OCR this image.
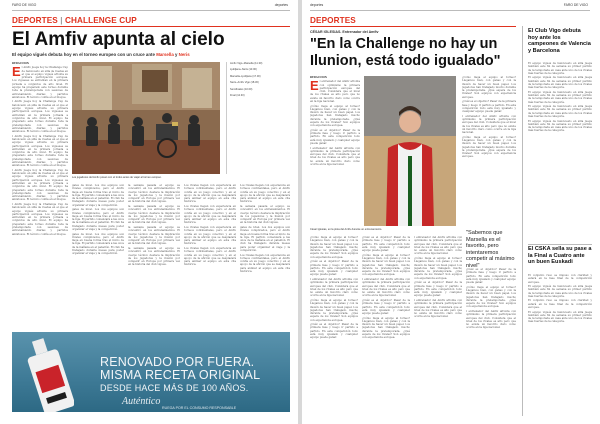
FARO DE VIGO	deportes
DEPORTES | CHALLENGE CUP
El Amfiv apunta al cielo
El equipo vigués debuta hoy en el torneo europeo con un cruce ante Marsella y Neris
REDACCIÓN

El Amfiv juega hoy la Challenge Cup de baloncesto en silla de ruedas en el que el equipo vigués afronta su primera participación europea. Los vigueses se enfrentan en la primera jornada a conjuntos de alto nivel. El equipo ha preparado este torneo durante toda la pretemporada con sesiones de entrenamiento diarias y partidos amistosos. El técnico confía en el bloque.

l Amfiv juega hoy la Challenge Cup de baloncesto en silla de ruedas en el que el equipo vigués afronta su primera participación europea. Los vigueses se enfrentan en la primera jornada a conjuntos de alto nivel. El equipo ha preparado este torneo durante toda la pretemporada con sesiones de entrenamiento diarias y partidos amistosos. El técnico confía en el bloque.

l Amfiv juega hoy la Challenge Cup de baloncesto en silla de ruedas en el que el equipo vigués afronta su primera participación europea. Los vigueses se enfrentan en la primera jornada a conjuntos de alto nivel. El equipo ha preparado este torneo durante toda la pretemporada con sesiones de entrenamiento diarias y partidos amistosos. El técnico confía en el bloque.

l Amfiv juega hoy la Challenge Cup de baloncesto en silla de ruedas en el que el equipo vigués afronta su primera participación europea. Los vigueses se enfrentan en la primera jornada a conjuntos de alto nivel. El equipo ha preparado este torneo durante toda la pretemporada con sesiones de entrenamiento diarias y partidos amistosos. El técnico confía en el bloque.

l Amfiv juega hoy la Challenge Cup de baloncesto en silla de ruedas en el que el equipo vigués afronta su primera participación europea. Los vigueses se enfrentan en la primera jornada a conjuntos de alto nivel. El equipo ha preparado este torneo durante toda la pretemporada con sesiones de entrenamiento diarias y partidos amistosos. El técnico confía en el bloque.

Los jugadores del Amfiv posan con el trofeo antes de viajar al torneo europeo.
Amfiv Vigo–Marsella (11.30)
Ljubljana–Neris (13.00)
Marsella–Ljubljana (17.00)
Neris–Amfiv Vigo (18.30)
Semifinales (10.00)
Final (12.30)

gales de nivel. Los dos equipos son rivales complicados, pero el Amfiv llega en buena forma tras el inicio de la liga. El partido comenzará a las once de la mañana en el pabellón. El club ha trabajado durante meses para poder organizar el viaje y la competición.

gales de nivel. Los dos equipos son rivales complicados, pero el Amfiv llega en buena forma tras el inicio de la liga. El partido comenzará a las once de la mañana en el pabellón. El club ha trabajado durante meses para poder organizar el viaje y la competición.

gales de nivel. Los dos equipos son rivales complicados, pero el Amfiv llega en buena forma tras el inicio de la liga. El partido comenzará a las once de la mañana en el pabellón. El club ha trabajado durante meses para poder organizar el viaje y la competición.

la semana pasada el equipo se concentró en los entrenamientos. El cuerpo técnico destaca la implicación de los jugadores y la ilusión por competir en Europa por primera vez en la historia del club vigués.

la semana pasada el equipo se concentró en los entrenamientos. El cuerpo técnico destaca la implicación de los jugadores y la ilusión por competir en Europa por primera vez en la historia del club vigués.

la semana pasada el equipo se concentró en los entrenamientos. El cuerpo técnico destaca la implicación de los jugadores y la ilusión por competir en Europa por primera vez en la historia del club vigués.

la semana pasada el equipo se concentró en los entrenamientos. El cuerpo técnico destaca la implicación de los jugadores y la ilusión por competir en Europa por primera vez en la historia del club vigués.

Los rivales llegan con experiencia en torneos continentales, pero el Amfiv confía en su juego colectivo y en el apoyo de la afición que se desplazará para animar al equipo en esta cita histórica.

Los rivales llegan con experiencia en torneos continentales, pero el Amfiv confía en su juego colectivo y en el apoyo de la afición que se desplazará para animar al equipo en esta cita histórica.

Los rivales llegan con experiencia en torneos continentales, pero el Amfiv confía en su juego colectivo y en el apoyo de la afición que se desplazará para animar al equipo en esta cita histórica.

Los rivales llegan con experiencia en torneos continentales, pero el Amfiv confía en su juego colectivo y en el apoyo de la afición que se desplazará para animar al equipo en esta cita histórica.

Los rivales llegan con experiencia en torneos continentales, pero el Amfiv confía en su juego colectivo y en el apoyo de la afición que se desplazará para animar al equipo en esta cita histórica.

la semana pasada el equipo se concentró en los entrenamientos. El cuerpo técnico destaca la implicación de los jugadores y la ilusión por competir en Europa por primera vez en la historia del club vigués.

gales de nivel. Los dos equipos son rivales complicados, pero el Amfiv llega en buena forma tras el inicio de la liga. El partido comenzará a las once de la mañana en el pabellón. El club ha trabajado durante meses para poder organizar el viaje y la competición.

Los rivales llegan con experiencia en torneos continentales, pero el Amfiv confía en su juego colectivo y en el apoyo de la afición que se desplazará para animar al equipo en esta cita histórica.

RENOVADO POR FUERA.
MISMA RECETA ORIGINAL
DESDE HACE MÁS DE 100 AÑOS.
Auténtico
RUEGA POR EL CONSUMO RESPONSABLE
deportes	FARO DE VIGO
DEPORTES
CÉSAR IGLESIAS. Entrenador del Amfiv
"En la Challenge no hay un Ilunion, está todo igualado"
REDACCIÓN

El entrenador del Amfiv afronta con optimismo la primera participación europea del club. Considera que el nivel de los rivales es alto pero que no existe un favorito claro como ocurre en la liga nacional.

¿Cómo llega el equipo al torneo? Llegamos bien, con ganas y con la ilusión de hacer un buen papel. Los jugadores han trabajado mucho durante la pretemporada. ¿Qué espera de los rivales? Son equipos con experiencia europea.

¿Cuál es el objetivo? Pasar de la primera fase y luego ir partido a partido. En esta competición todo está muy igualado y cualquier equipo puede ganar.

l entrenador del Amfiv afronta con optimismo la primera participación europea del club. Considera que el nivel de los rivales es alto pero que no existe un favorito claro como ocurre en la liga nacional.

César Iglesias, en la pista del Amfiv durante un entrenamiento.

¿Cómo llega el equipo al torneo? Llegamos bien, con ganas y con la ilusión de hacer un buen papel. Los jugadores han trabajado mucho durante la pretemporada. ¿Qué espera de los rivales? Son equipos con experiencia europea.

¿Cuál es el objetivo? Pasar de la primera fase y luego ir partido a partido. En esta competición todo está muy igualado y cualquier equipo puede ganar.

l entrenador del Amfiv afronta con optimismo la primera participación europea del club. Considera que el nivel de los rivales es alto pero que no existe un favorito claro como ocurre en la liga nacional.

¿Cómo llega el equipo al torneo? Llegamos bien, con ganas y con la ilusión de hacer un buen papel. Los jugadores han trabajado mucho durante la pretemporada. ¿Qué espera de los rivales? Son equipos con experiencia europea.

¿Cuál es el objetivo? Pasar de la primera fase y luego ir partido a partido. En esta competición todo está muy igualado y cualquier equipo puede ganar.

¿Cuál es el objetivo? Pasar de la primera fase y luego ir partido a partido. En esta competición todo está muy igualado y cualquier equipo puede ganar.

¿Cómo llega el equipo al torneo? Llegamos bien, con ganas y con la ilusión de hacer un buen papel. Los jugadores han trabajado mucho durante la pretemporada. ¿Qué espera de los rivales? Son equipos con experiencia europea.

l entrenador del Amfiv afronta con optimismo la primera participación europea del club. Considera que el nivel de los rivales es alto pero que no existe un favorito claro como ocurre en la liga nacional.

¿Cuál es el objetivo? Pasar de la primera fase y luego ir partido a partido. En esta competición todo está muy igualado y cualquier equipo puede ganar.

¿Cómo llega el equipo al torneo? Llegamos bien, con ganas y con la ilusión de hacer un buen papel. Los jugadores han trabajado mucho durante la pretemporada. ¿Qué espera de los rivales? Son equipos con experiencia europea.

l entrenador del Amfiv afronta con optimismo la primera participación europea del club. Considera que el nivel de los rivales es alto pero que no existe un favorito claro como ocurre en la liga nacional.

¿Cómo llega el equipo al torneo? Llegamos bien, con ganas y con la ilusión de hacer un buen papel. Los jugadores han trabajado mucho durante la pretemporada. ¿Qué espera de los rivales? Son equipos con experiencia europea.

¿Cuál es el objetivo? Pasar de la primera fase y luego ir partido a partido. En esta competición todo está muy igualado y cualquier equipo puede ganar.

l entrenador del Amfiv afronta con optimismo la primera participación europea del club. Considera que el nivel de los rivales es alto pero que no existe un favorito claro como ocurre en la liga nacional.

"Sabemos que Marsella es el favorito, pero intentaremos competir al máximo nivel"

¿Cuál es el objetivo? Pasar de la primera fase y luego ir partido a partido. En esta competición todo está muy igualado y cualquier equipo puede ganar.

¿Cómo llega el equipo al torneo? Llegamos bien, con ganas y con la ilusión de hacer un buen papel. Los jugadores han trabajado mucho durante la pretemporada. ¿Qué espera de los rivales? Son equipos con experiencia europea.

l entrenador del Amfiv afronta con optimismo la primera participación europea del club. Considera que el nivel de los rivales es alto pero que no existe un favorito claro como ocurre en la liga nacional.

¿Cómo llega el equipo al torneo? Llegamos bien, con ganas y con la ilusión de hacer un buen papel. Los jugadores han trabajado mucho durante la pretemporada. ¿Qué espera de los rivales? Son equipos con experiencia europea.

¿Cuál es el objetivo? Pasar de la primera fase y luego ir partido a partido. En esta competición todo está muy igualado y cualquier equipo puede ganar.

l entrenador del Amfiv afronta con optimismo la primera participación europea del club. Considera que el nivel de los rivales es alto pero que no existe un favorito claro como ocurre en la liga nacional.

¿Cómo llega el equipo al torneo? Llegamos bien, con ganas y con la ilusión de hacer un buen papel. Los jugadores han trabajado mucho durante la pretemporada. ¿Qué espera de los rivales? Son equipos con experiencia europea.

El Club Vigo debuta hoy ante los campeones de Valencia y Barcelona

El equipo vigués de baloncesto en silla juega también este fin de semana su primer partido de la temporada en casa ante uno de los rivales más fuertes de la categoría.

El equipo vigués de baloncesto en silla juega también este fin de semana su primer partido de la temporada en casa ante uno de los rivales más fuertes de la categoría.

El equipo vigués de baloncesto en silla juega también este fin de semana su primer partido de la temporada en casa ante uno de los rivales más fuertes de la categoría.

El equipo vigués de baloncesto en silla juega también este fin de semana su primer partido de la temporada en casa ante uno de los rivales más fuertes de la categoría.

El equipo vigués de baloncesto en silla juega también este fin de semana su primer partido de la temporada en casa ante uno de los rivales más fuertes de la categoría.

El CSKA sella su pase a la Final a Cuatro ante un buen Euskadi

El conjunto ruso se impuso con claridad y estará en la fase final de la competición europea.

El equipo vigués de baloncesto en silla juega también este fin de semana su primer partido de la temporada en casa ante uno de los rivales más fuertes de la categoría.

El conjunto ruso se impuso con claridad y estará en la fase final de la competición europea.

El equipo vigués de baloncesto en silla juega también este fin de semana su primer partido de la temporada en casa ante uno de los rivales más fuertes de la categoría.
